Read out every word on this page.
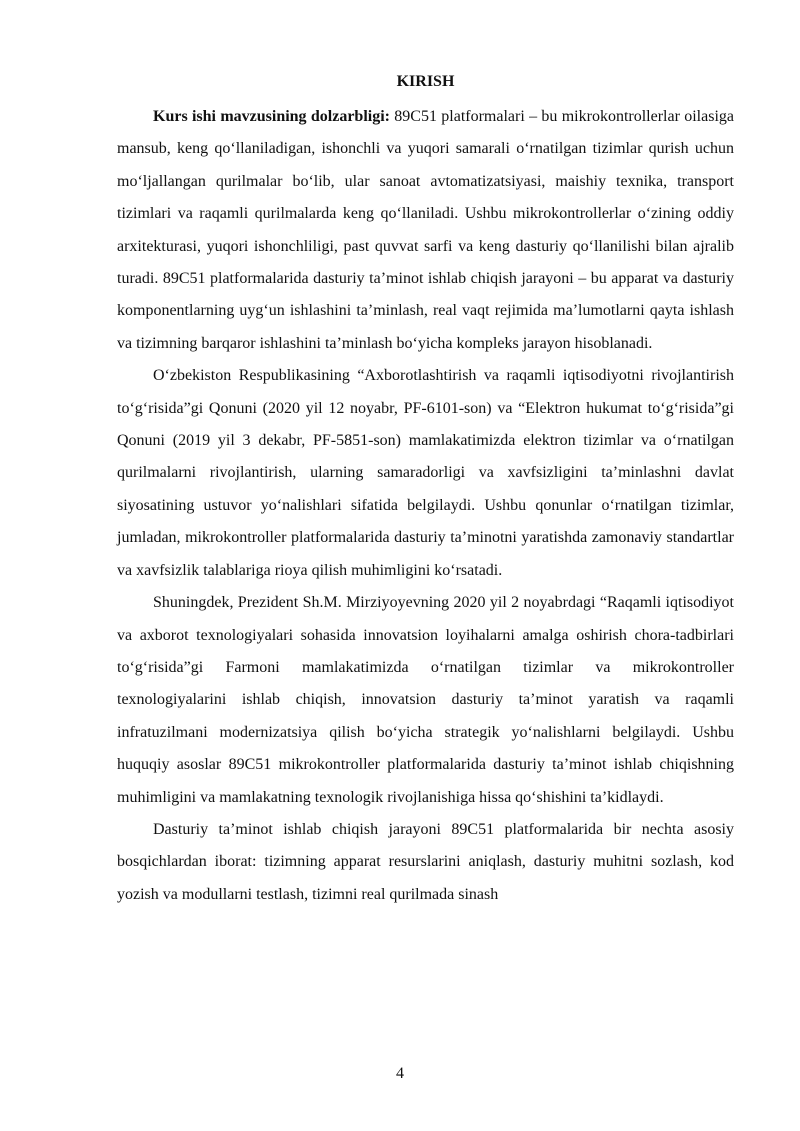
KIRISH

Kurs ishi mavzusining dolzarbligi: 89C51 platformalari – bu mikrokontrollerlar oilasiga mansub, keng qo‘llaniladigan, ishonchli va yuqori samarali o‘rnatilgan tizimlar qurish uchun mo‘ljallangan qurilmalar bo‘lib, ular sanoat avtomatizatsiyasi, maishiy texnika, transport tizimlari va raqamli qurilmalarda keng qo‘llaniladi. Ushbu mikrokontrollerlar o‘zining oddiy arxitekturasi, yuqori ishonchliligi, past quvvat sarfi va keng dasturiy qo‘llanilishi bilan ajralib turadi. 89C51 platformalarida dasturiy ta’minot ishlab chiqish jarayoni – bu apparat va dasturiy komponentlarning uyg‘un ishlashini ta’minlash, real vaqt rejimida ma’lumotlarni qayta ishlash va tizimning barqaror ishlashini ta’minlash bo‘yicha kompleks jarayon hisoblanadi.

O‘zbekiston Respublikasining “Axborotlashtirish va raqamli iqtisodiyotni rivojlantirish to‘g‘risida”gi Qonuni (2020 yil 12 noyabr, PF-6101-son) va “Elektron hukumat to‘g‘risida”gi Qonuni (2019 yil 3 dekabr, PF-5851-son) mamlakatimizda elektron tizimlar va o‘rnatilgan qurilmalarni rivojlantirish, ularning samaradorligi va xavfsizligini ta’minlashni davlat siyosatining ustuvor yo‘nalishlari sifatida belgilaydi. Ushbu qonunlar o‘rnatilgan tizimlar, jumladan, mikrokontroller platformalarida dasturiy ta’minotni yaratishda zamonaviy standartlar va xavfsizlik talablariga rioya qilish muhimligini ko‘rsatadi.

Shuningdek, Prezident Sh.M. Mirziyoyevning 2020 yil 2 noyabrdagi “Raqamli iqtisodiyot va axborot texnologiyalari sohasida innovatsion loyihalarni amalga oshirish chora-tadbirlari to‘g‘risida”gi Farmoni mamlakatimizda o‘rnatilgan tizimlar va mikrokontroller texnologiyalarini ishlab chiqish, innovatsion dasturiy ta’minot yaratish va raqamli infratuzilmani modernizatsiya qilish bo‘yicha strategik yo‘nalishlarni belgilaydi. Ushbu huquqiy asoslar 89C51 mikrokontroller platformalarida dasturiy ta’minot ishlab chiqishning muhimligini va mamlakatning texnologik rivojlanishiga hissa qo‘shishini ta’kidlaydi.

Dasturiy ta’minot ishlab chiqish jarayoni 89C51 platformalarida bir nechta asosiy bosqichlardan iborat: tizimning apparat resurslarini aniqlash, dasturiy muhitni sozlash, kod yozish va modullarni testlash, tizimni real qurilmada sinash

4
